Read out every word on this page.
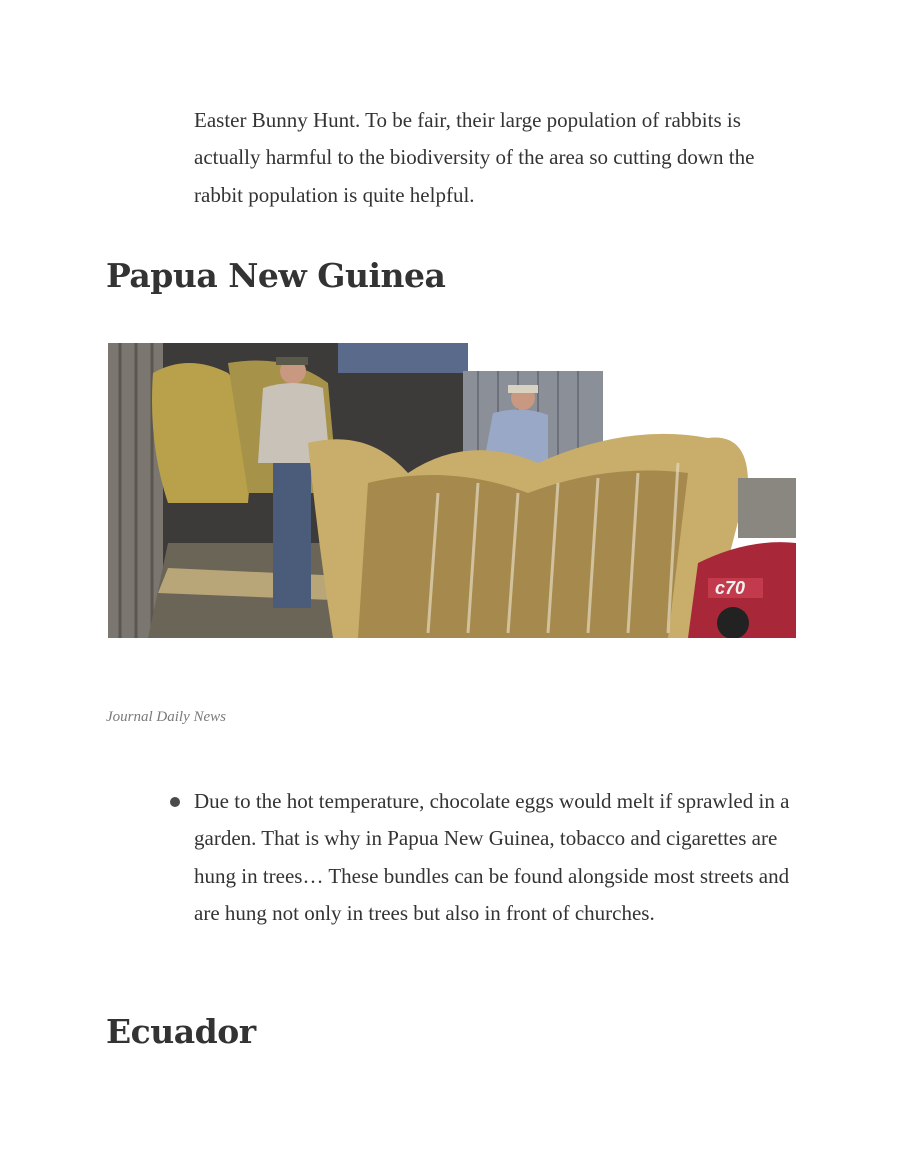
Easter Bunny Hunt. To be fair, their large population of rabbits is actually harmful to the biodiversity of the area so cutting down the rabbit population is quite helpful.

Papua New Guinea
c70
Journal Daily News

Due to the hot temperature, chocolate eggs would melt if sprawled in a garden. That is why in Papua New Guinea, tobacco and cigarettes are hung in trees… These bundles can be found alongside most streets and are hung not only in trees but also in front of churches.

Ecuador
